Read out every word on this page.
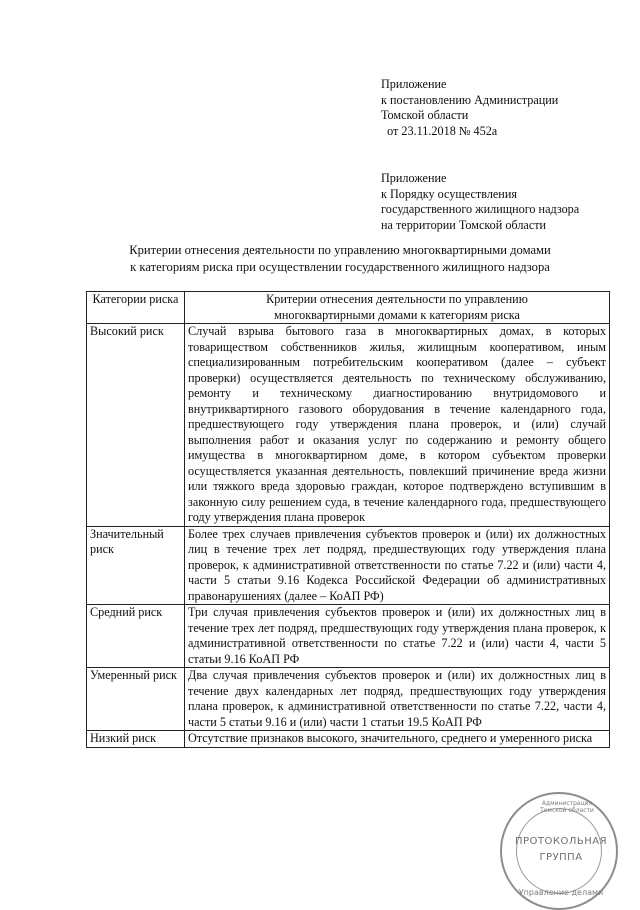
Приложение
к постановлению Администрации
Томской области
от 23.11.2018 № 452а
Приложение
к Порядку осуществления
государственного жилищного надзора
на территории Томской области
Критерии отнесения деятельности по управлению многоквартирными домами
к категориям риска при осуществлении государственного жилищного надзора
Категории риска	Критерии отнесения деятельности по управлению многоквартирными домами к категориям риска
Высокий риск	Случай взрыва бытового газа в многоквартирных домах, в которых товариществом собственников жилья, жилищным кооперативом, иным специализированным потребительским кооперативом (далее – субъект проверки) осуществляется деятельность по техническому обслуживанию, ремонту и техническому диагностированию внутридомового и внутриквартирного газового оборудования в течение календарного года, предшествующего году утверждения плана проверок, и (или) случай выполнения работ и оказания услуг по содержанию и ремонту общего имущества в многоквартирном доме, в котором субъектом проверки осуществляется указанная деятельность, повлекший причинение вреда жизни или тяжкого вреда здоровью граждан, которое подтверждено вступившим в законную силу решением суда, в течение календарного года, предшествующего году утверждения плана проверок
Значительный риск	Более трех случаев привлечения субъектов проверок и (или) их должностных лиц в течение трех лет подряд, предшествующих году утверждения плана проверок, к административной ответственности по статье 7.22 и (или) части 4, части 5 статьи 9.16 Кодекса Российской Федерации об административных правонарушениях (далее – КоАП РФ)
Средний риск	Три случая привлечения субъектов проверок и (или) их должностных лиц в течение трех лет подряд, предшествующих году утверждения плана проверок, к административной ответственности по статье 7.22 и (или) части 4, части 5 статьи 9.16 КоАП РФ
Умеренный риск	Два случая привлечения субъектов проверок и (или) их должностных лиц в течение двух календарных лет подряд, предшествующих году утверждения плана проверок, к административной ответственности по статье 7.22, части 4, части 5 статьи 9.16 и (или) части 1 статьи 19.5 КоАП РФ
Низкий риск	Отсутствие признаков высокого, значительного, среднего и умеренного риска
Администрация Томской области
ПРОТОКОЛЬНАЯ
ГРУППА
Управление делами
